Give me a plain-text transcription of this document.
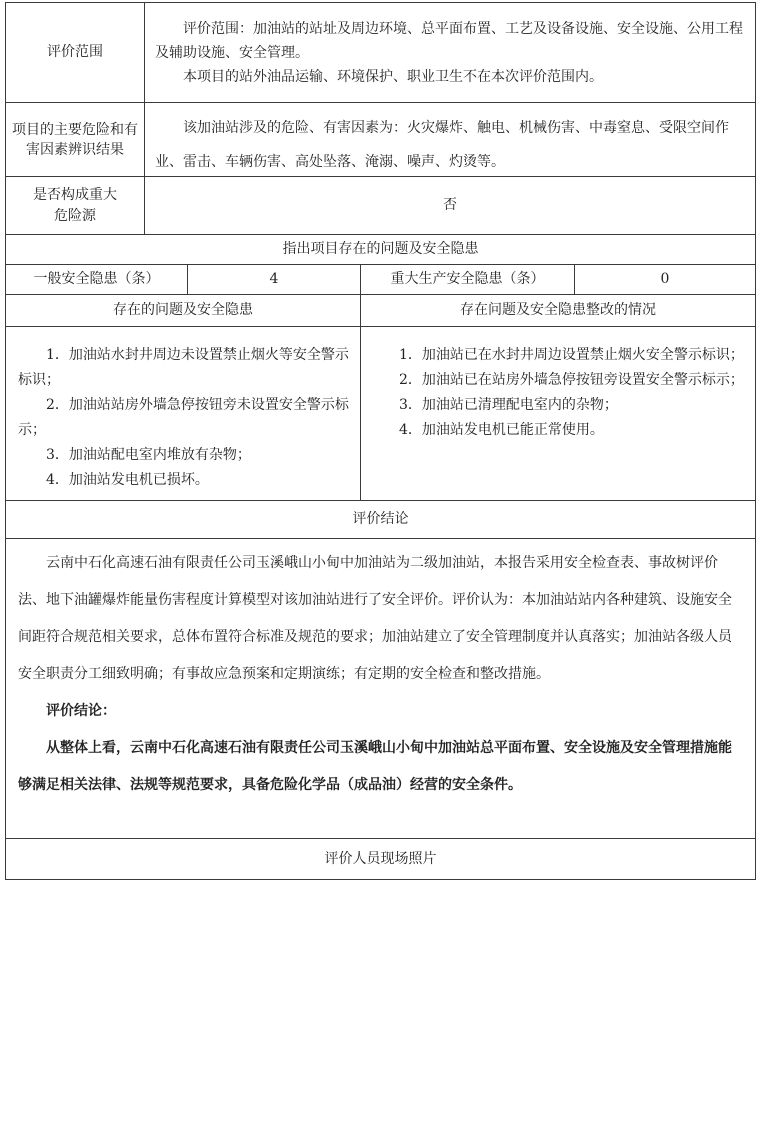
评价范围

评价范围：加油站的站址及周边环境、总平面布置、工艺及设备设施、安全设施、公用工程及辅助设施、安全管理。

本项目的站外油品运输、环境保护、职业卫生不在本次评价范围内。

项目的主要危险和有害因素辨识结果

该加油站涉及的危险、有害因素为：火灾爆炸、触电、机械伤害、中毒窒息、受限空间作业、雷击、车辆伤害、高处坠落、淹溺、噪声、灼烫等。

是否构成重大危险源
否
指出项目存在的问题及安全隐患
一般安全隐患（条）	4	重大生产安全隐患（条）	0
存在的问题及安全隐患	存在问题及安全隐患整改的情况

1．加油站水封井周边未设置禁止烟火等安全警示标识；

2．加油站站房外墙急停按钮旁未设置安全警示标示；

3．加油站配电室内堆放有杂物；

4．加油站发电机已损坏。

1．加油站已在水封井周边设置禁止烟火安全警示标识；

2．加油站已在站房外墙急停按钮旁设置安全警示标示；

3．加油站已清理配电室内的杂物；

4．加油站发电机已能正常使用。

评价结论

云南中石化高速石油有限责任公司玉溪峨山小甸中加油站为二级加油站，本报告采用安全检查表、事故树评价法、地下油罐爆炸能量伤害程度计算模型对该加油站进行了安全评价。评价认为：本加油站站内各种建筑、设施安全间距符合规范相关要求，总体布置符合标准及规范的要求；加油站建立了安全管理制度并认真落实；加油站各级人员安全职责分工细致明确；有事故应急预案和定期演练；有定期的安全检查和整改措施。

评价结论：

从整体上看，云南中石化高速石油有限责任公司玉溪峨山小甸中加油站总平面布置、安全设施及安全管理措施能够满足相关法律、法规等规范要求，具备危险化学品（成品油）经营的安全条件。

评价人员现场照片
